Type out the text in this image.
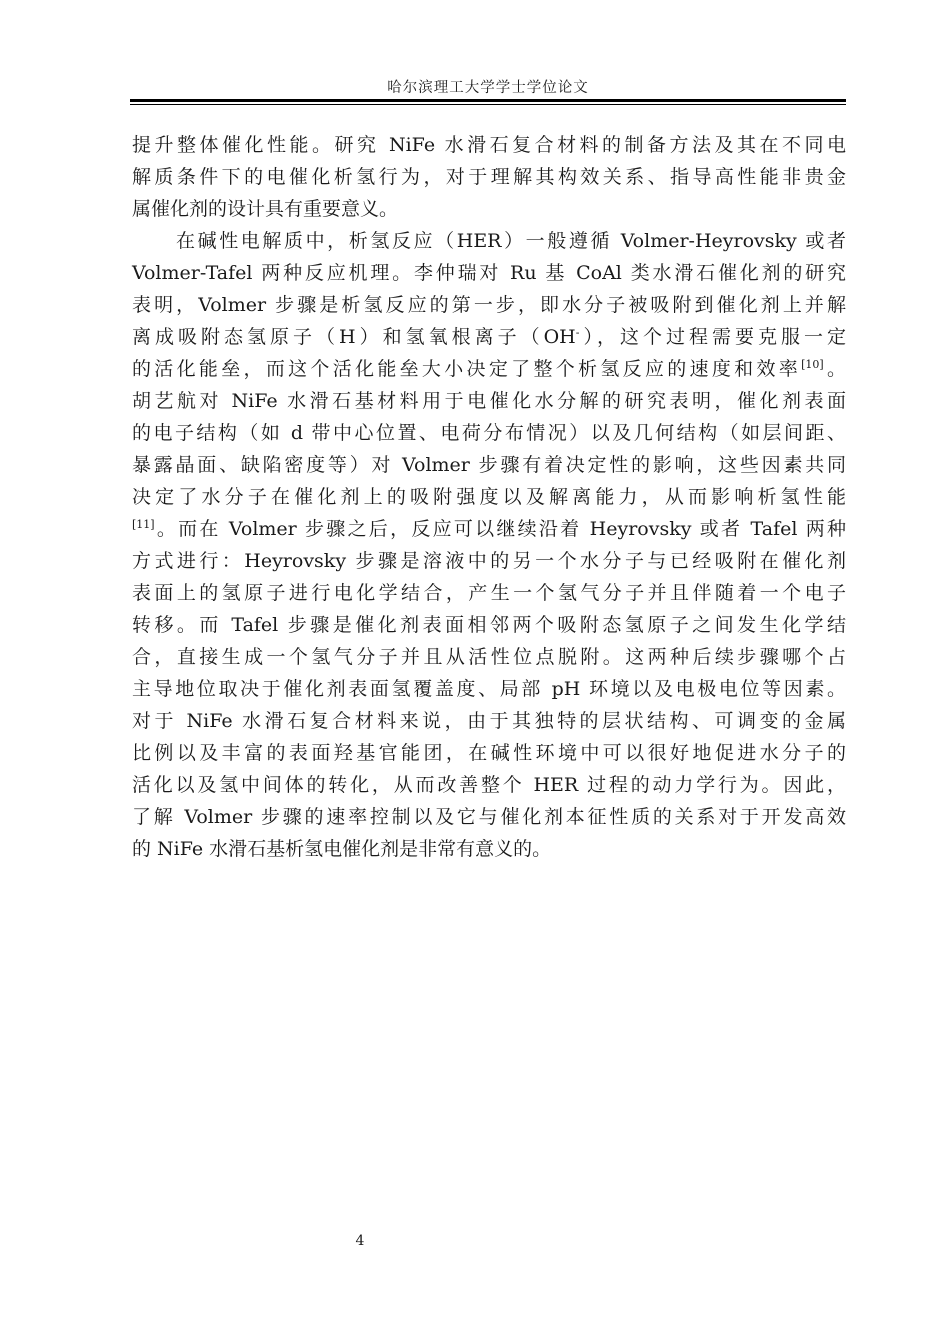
哈尔滨理工大学学士学位论文
提升整体催化性能。研究 NiFe 水滑石复合材料的制备方法及其在不同电
解质条件下的电催化析氢行为，对于理解其构效关系、指导高性能非贵金
属催化剂的设计具有重要意义。
在碱性电解质中，析氢反应（HER）一般遵循 Volmer-Heyrovsky 或者
Volmer-Tafel 两种反应机理。李仲瑞对 Ru 基 CoAl 类水滑石催化剂的研究
表明，Volmer 步骤是析氢反应的第一步，即水分子被吸附到催化剂上并解
离成吸附态氢原子（H）和氢氧根离子（OH-），这个过程需要克服一定
的活化能垒，而这个活化能垒大小决定了整个析氢反应的速度和效率[10]。
胡艺航对 NiFe 水滑石基材料用于电催化水分解的研究表明，催化剂表面
的电子结构（如 d 带中心位置、电荷分布情况）以及几何结构（如层间距、
暴露晶面、缺陷密度等）对 Volmer 步骤有着决定性的影响，这些因素共同
决定了水分子在催化剂上的吸附强度以及解离能力，从而影响析氢性能
[11]。而在 Volmer 步骤之后，反应可以继续沿着 Heyrovsky 或者 Tafel 两种
方式进行：Heyrovsky 步骤是溶液中的另一个水分子与已经吸附在催化剂
表面上的氢原子进行电化学结合，产生一个氢气分子并且伴随着一个电子
转移。而 Tafel 步骤是催化剂表面相邻两个吸附态氢原子之间发生化学结
合，直接生成一个氢气分子并且从活性位点脱附。这两种后续步骤哪个占
主导地位取决于催化剂表面氢覆盖度、局部 pH 环境以及电极电位等因素。
对于 NiFe 水滑石复合材料来说，由于其独特的层状结构、可调变的金属
比例以及丰富的表面羟基官能团，在碱性环境中可以很好地促进水分子的
活化以及氢中间体的转化，从而改善整个 HER 过程的动力学行为。因此，
了解 Volmer 步骤的速率控制以及它与催化剂本征性质的关系对于开发高效
的 NiFe 水滑石基析氢电催化剂是非常有意义的。
4
